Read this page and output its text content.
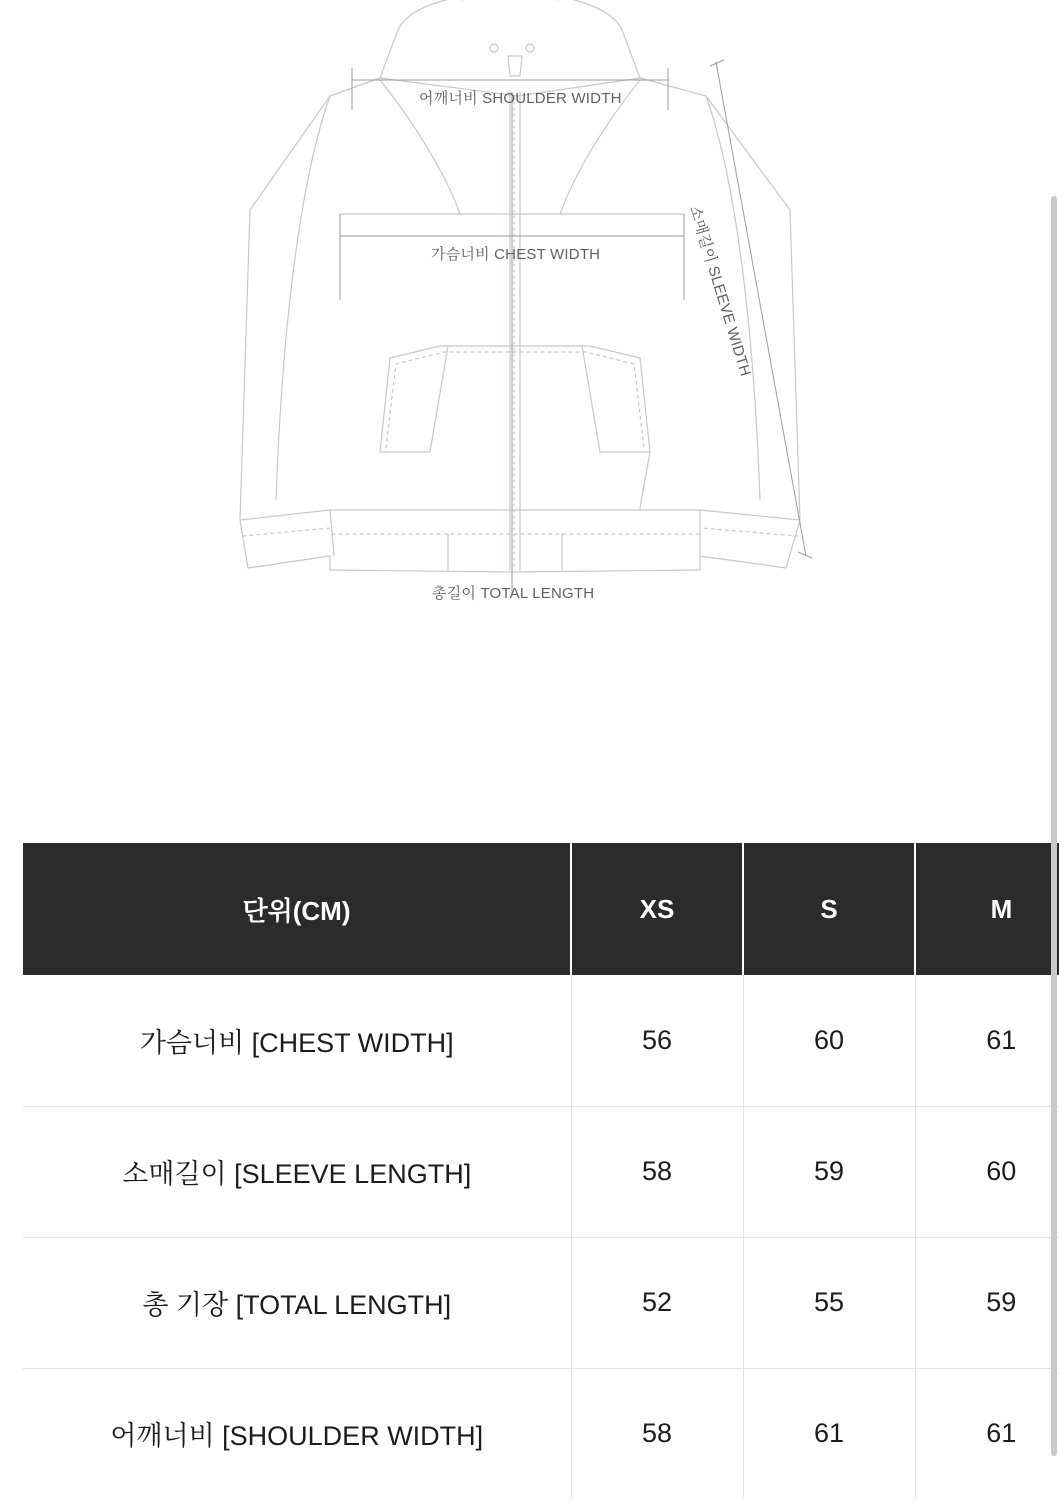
어깨너비 SHOULDER WIDTH
가슴너비 CHEST WIDTH
총길이 TOTAL LENGTH
소매길이 SLEEVE WIDTH
단위(CM)	XS	S	M
가슴너비 [CHEST WIDTH]	56	60	61
소매길이 [SLEEVE LENGTH]	58	59	60
총 기장 [TOTAL LENGTH]	52	55	59
어깨너비 [SHOULDER WIDTH]	58	61	61
